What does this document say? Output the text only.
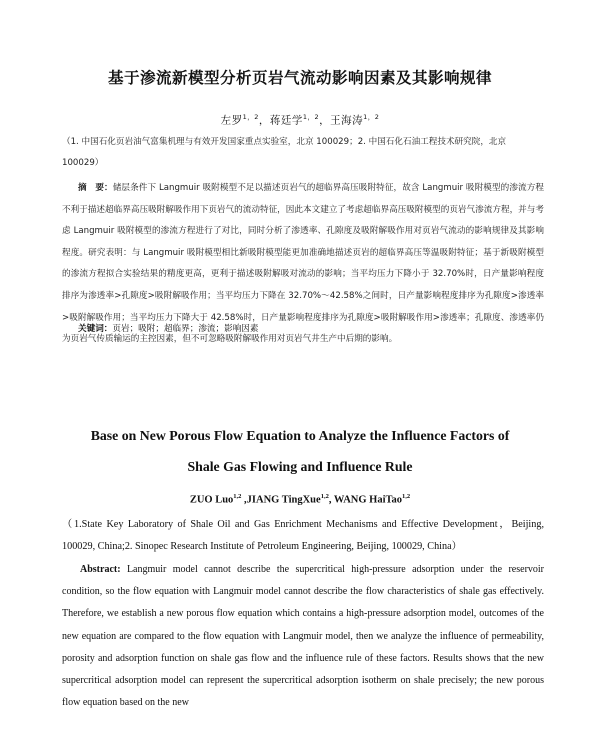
基于渗流新模型分析页岩气流动影响因素及其影响规律
左罗$^{1,2}$，蒋廷学$^{1,2}$，王海涛$^{1,2}$
（1. 中国石化页岩油气富集机理与有效开发国家重点实验室，北京 100029；2. 中国石化石油工程技术研究院，北京 100029）
摘　要：储层条件下 Langmuir 吸附模型不足以描述页岩气的超临界高压吸附特征，故含 Langmuir 吸附模型的渗流方程不利于描述超临界高压吸附解吸作用下页岩气的流动特征，因此本文建立了考虑超临界高压吸附模型的页岩气渗流方程，并与考虑 Langmuir 吸附模型的渗流方程进行了对比，同时分析了渗透率、孔隙度及吸附解吸作用对页岩气流动的影响规律及其影响程度。研究表明：与 Langmuir 吸附模型相比新吸附模型能更加准确地描述页岩的超临界高压等温吸附特征；基于新吸附模型的渗流方程拟合实验结果的精度更高，更利于描述吸附解吸对流动的影响；当平均压力下降小于 32.70%时，日产量影响程度排序为渗透率>孔隙度>吸附解吸作用；当平均压力下降在 32.70%～42.58%之间时，日产量影响程度排序为孔隙度>渗透率>吸附解吸作用；当平均压力下降大于 42.58%时，日产量影响程度排序为孔隙度>吸附解吸作用>渗透率；孔隙度、渗透率仍为页岩气传质输运的主控因素，但不可忽略吸附解吸作用对页岩气井生产中后期的影响。
关键词：页岩；吸附；超临界；渗流；影响因素
Base on New Porous Flow Equation to Analyze the Influence Factors of
Shale Gas Flowing and Influence Rule
ZUO Luo$^{1,2}$ ,JIANG TingXue$^{1,2}$, WANG HaiTao$^{1,2}$
（1.State Key Laboratory of Shale Oil and Gas Enrichment Mechanisms and Effective Development，Beijing, 100029, China;2. Sinopec Research Institute of Petroleum Engineering, Beijing, 100029, China）
Abstract: Langmuir model cannot describe the supercritical high-pressure adsorption under the reservoir condition, so the flow equation with Langmuir model cannot describe the flow characteristics of shale gas effectively. Therefore, we establish a new porous flow equation which contains a high-pressure adsorption model, outcomes of the new equation are compared to the flow equation with Langmuir model, then we analyze the influence of permeability, porosity and adsorption function on shale gas flow and the influence rule of these factors. Results shows that the new supercritical adsorption model can represent the supercritical adsorption isotherm on shale precisely; the new porous flow equation based on the new
